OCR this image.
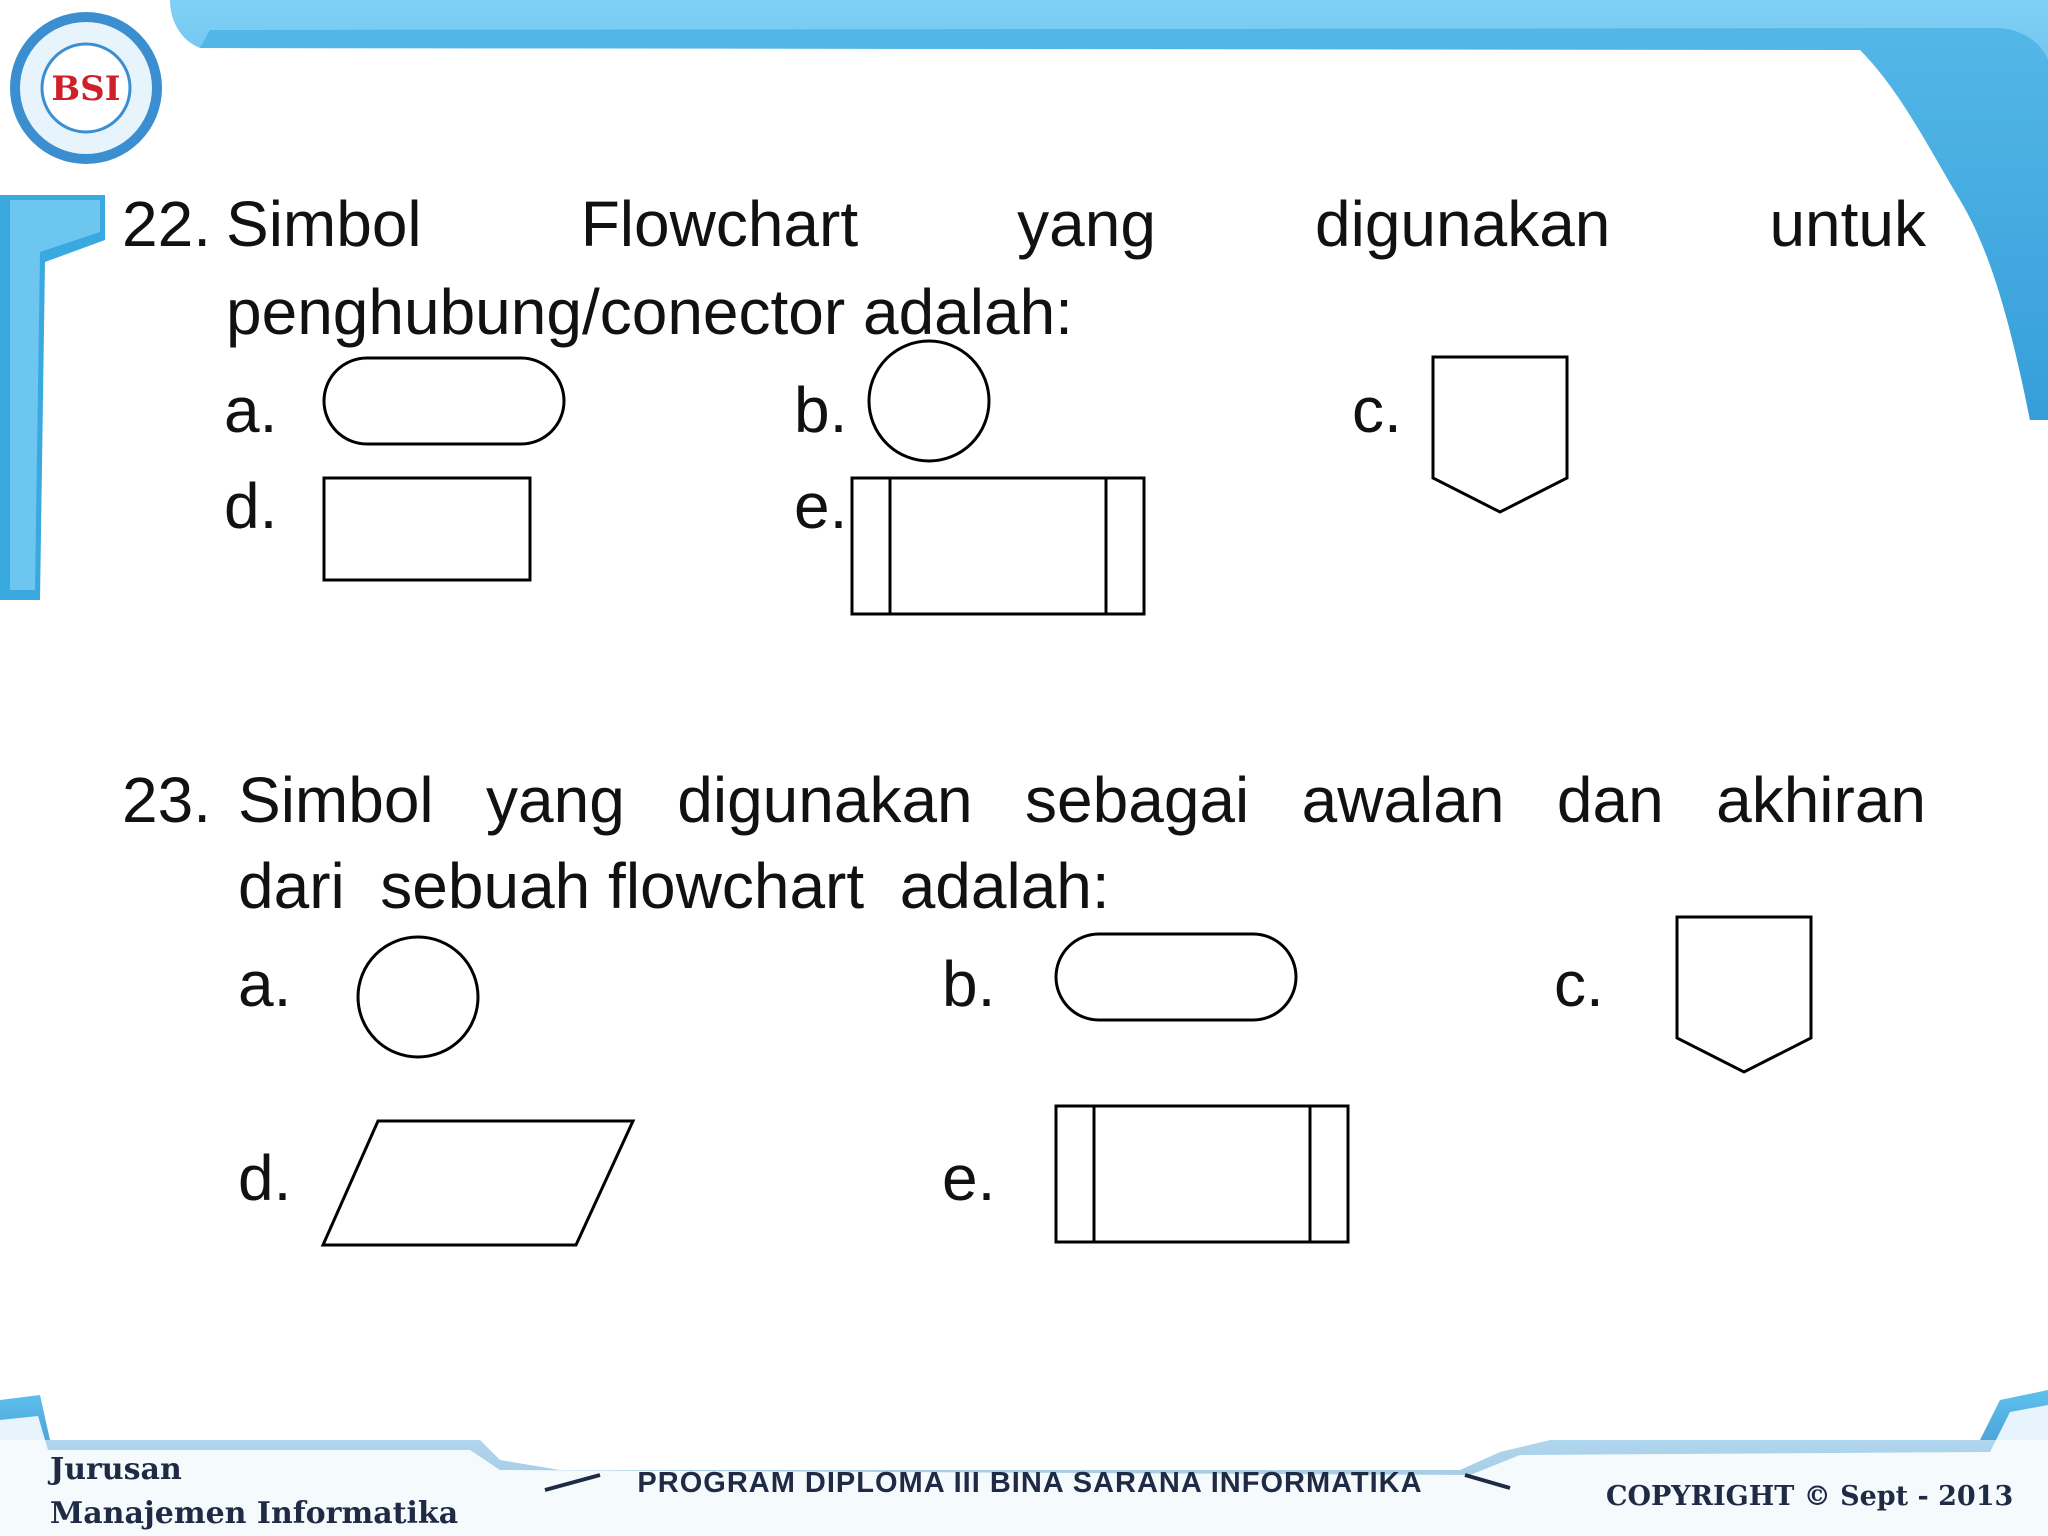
BSI
22. Simbol Flowchart yang digunakan untuk
penghubung/conector adalah:
a.	b.	c.
d.	e.
23. Simbol yang digunakan sebagai awalan dan akhiran
dari  sebuah flowchart  adalah:
a.	b.	c.
d.	e.
Jurusan
Manajemen Informatika
PROGRAM DIPLOMA III BINA SARANA INFORMATIKA	COPYRIGHT © Sept - 2013
